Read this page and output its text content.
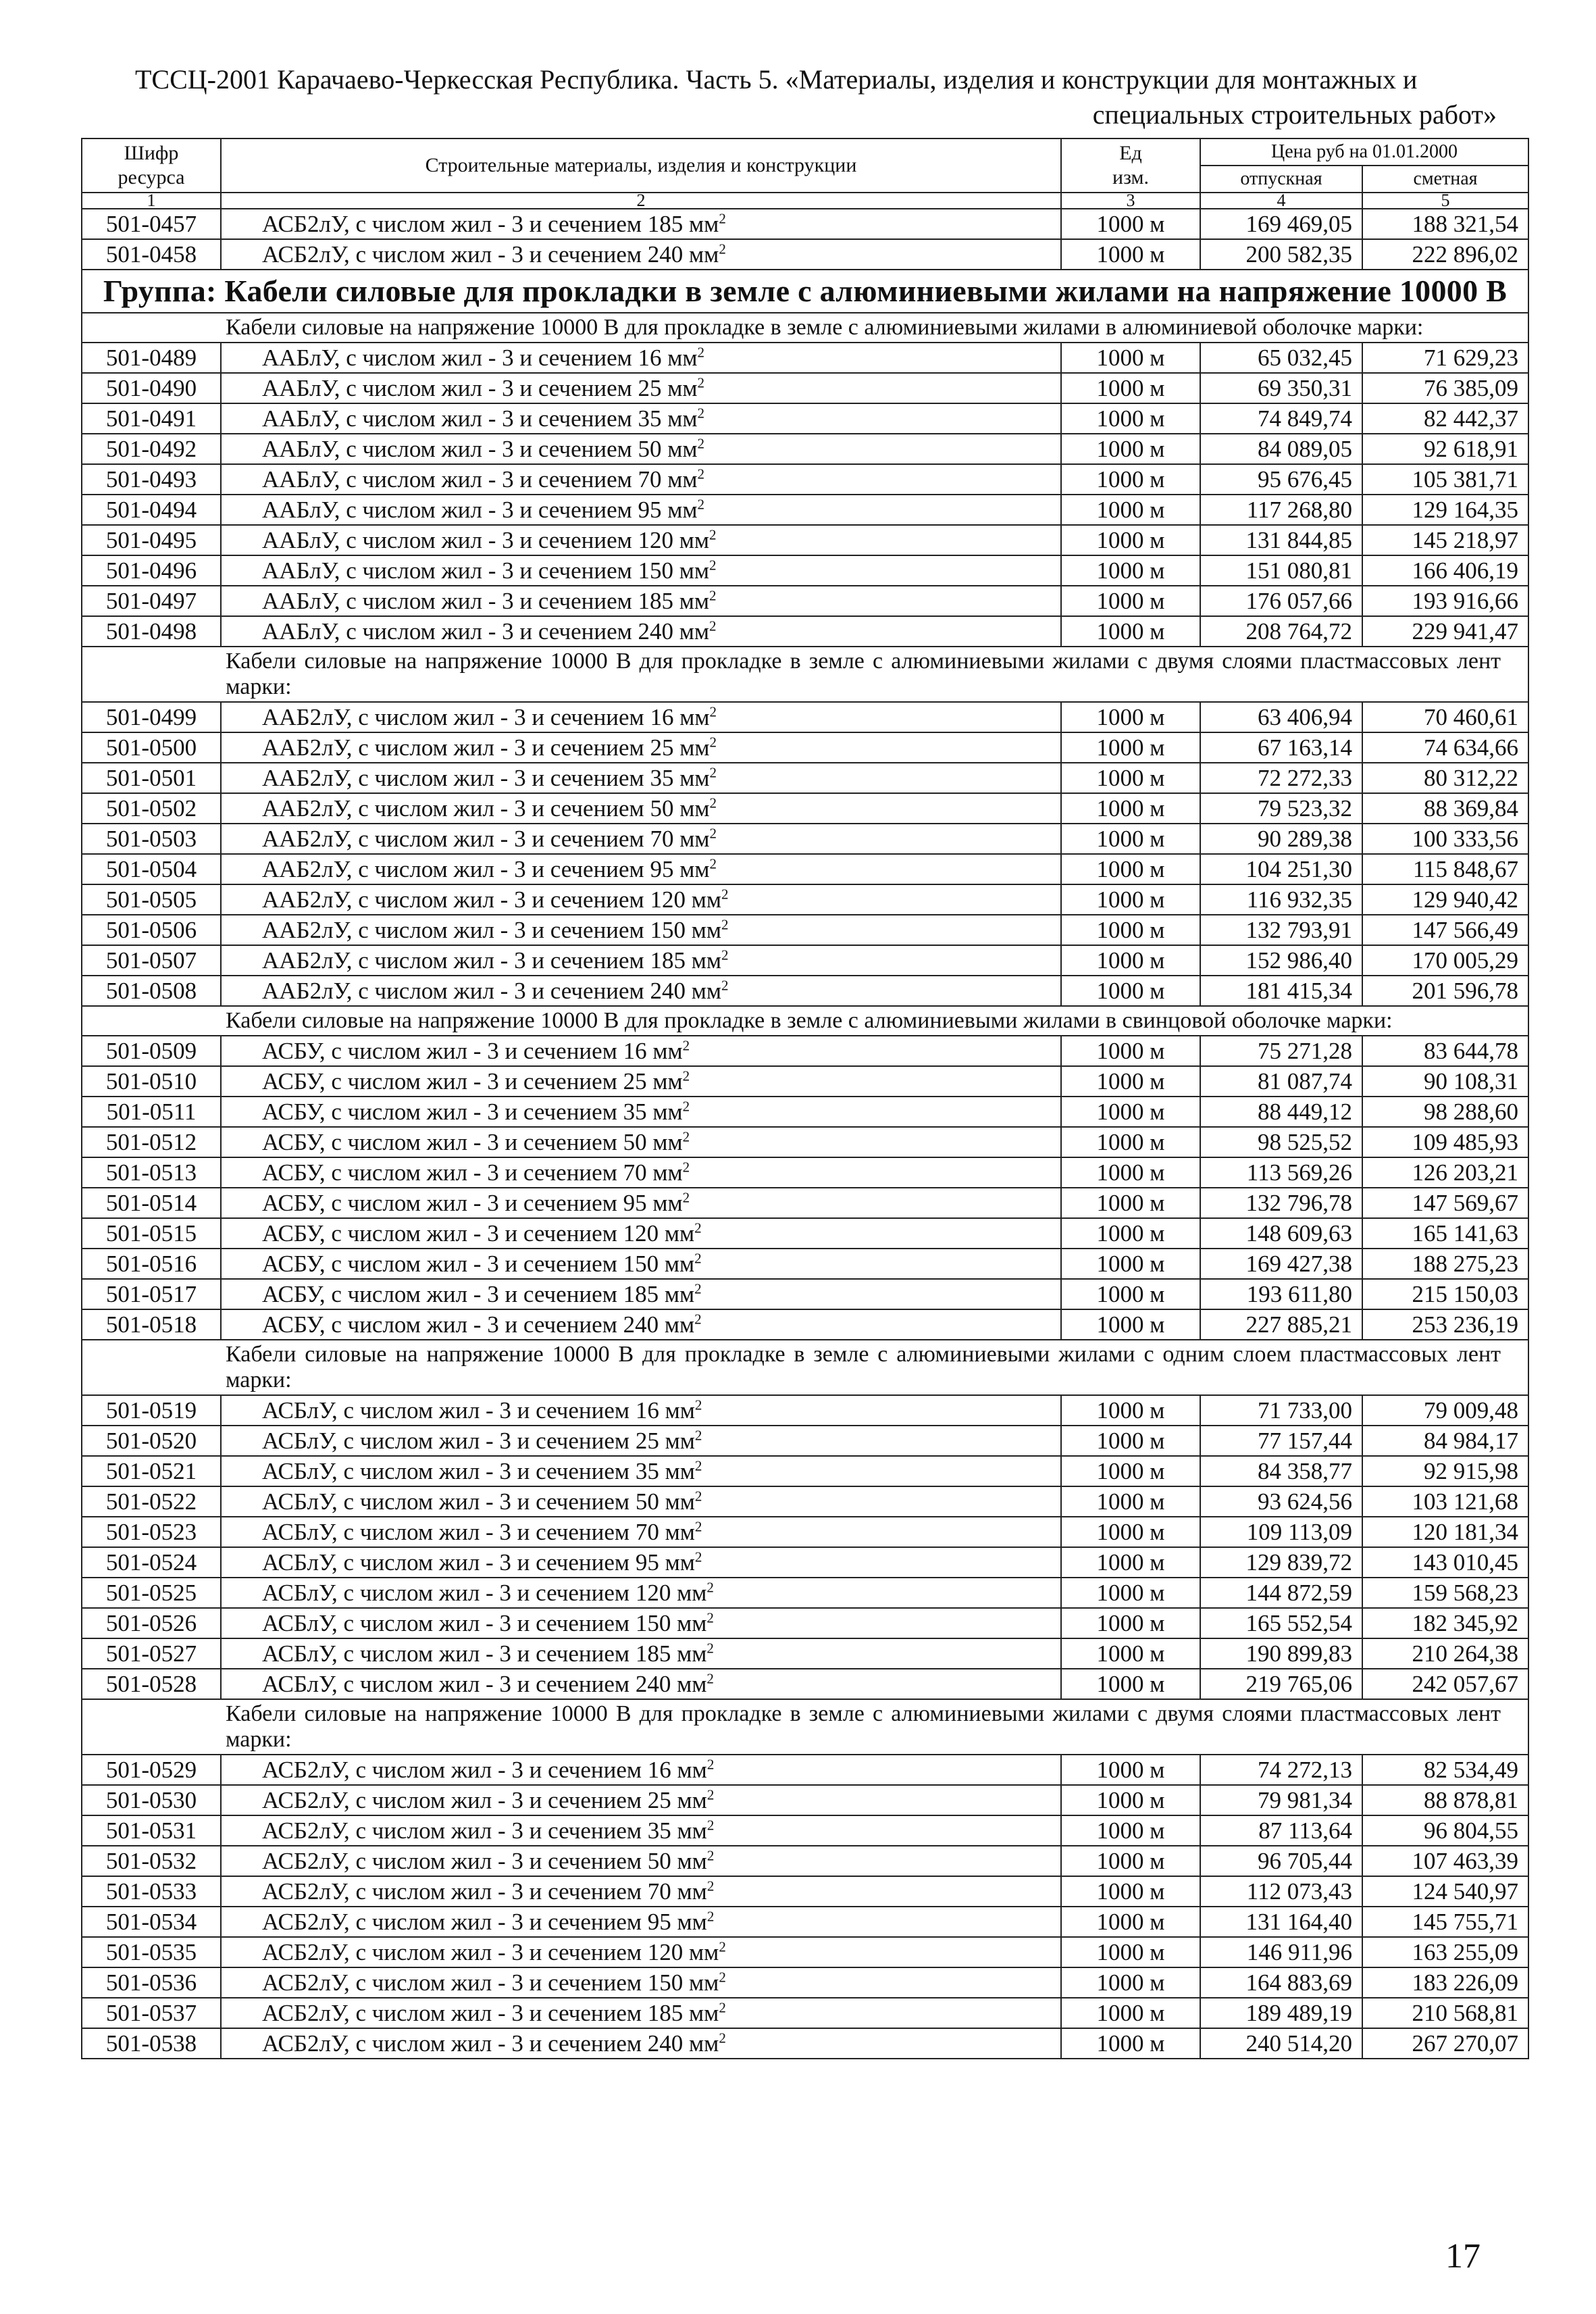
ТССЦ-2001 Карачаево-Черкесская Республика. Часть 5. «Материалы, изделия и конструкции для монтажных и
специальных строительных работ»
Шифр ресурса	Строительные материалы, изделия и конструкции	Ед изм.	Цена руб на 01.01.2000	
			отпускная	сметная
1	2	3	4	5
501-0457	АСБ2лУ, с числом жил - 3 и сечением 185 $мм^2$	1000 м	169 469,05	188 321,54
501-0458	АСБ2лУ, с числом жил - 3 и сечением 240 $мм^2$	1000 м	200 582,35	222 896,02
Группа: Кабели силовые для прокладки в земле с алюминиевыми жилами на напряжение 10000 В				
Кабели силовые на напряжение 10000 В для прокладке в земле с алюминиевыми жилами в алюминиевой оболочке марки:				
501-0489	ААБлУ, с числом жил - 3 и сечением 16 $мм^2$	1000 м	65 032,45	71 629,23
501-0490	ААБлУ, с числом жил - 3 и сечением 25 $мм^2$	1000 м	69 350,31	76 385,09
501-0491	ААБлУ, с числом жил - 3 и сечением 35 $мм^2$	1000 м	74 849,74	82 442,37
501-0492	ААБлУ, с числом жил - 3 и сечением 50 $мм^2$	1000 м	84 089,05	92 618,91
501-0493	ААБлУ, с числом жил - 3 и сечением 70 $мм^2$	1000 м	95 676,45	105 381,71
501-0494	ААБлУ, с числом жил - 3 и сечением 95 $мм^2$	1000 м	117 268,80	129 164,35
501-0495	ААБлУ, с числом жил - 3 и сечением 120 $мм^2$	1000 м	131 844,85	145 218,97
501-0496	ААБлУ, с числом жил - 3 и сечением 150 $мм^2$	1000 м	151 080,81	166 406,19
501-0497	ААБлУ, с числом жил - 3 и сечением 185 $мм^2$	1000 м	176 057,66	193 916,66
501-0498	ААБлУ, с числом жил - 3 и сечением 240 $мм^2$	1000 м	208 764,72	229 941,47
Кабели силовые на напряжение 10000 В для прокладке в земле с алюминиевыми жилами с двумя слоями пластмассовых лент марки:				
501-0499	ААБ2лУ, с числом жил - 3 и сечением 16 $мм^2$	1000 м	63 406,94	70 460,61
501-0500	ААБ2лУ, с числом жил - 3 и сечением 25 $мм^2$	1000 м	67 163,14	74 634,66
501-0501	ААБ2лУ, с числом жил - 3 и сечением 35 $мм^2$	1000 м	72 272,33	80 312,22
501-0502	ААБ2лУ, с числом жил - 3 и сечением 50 $мм^2$	1000 м	79 523,32	88 369,84
501-0503	ААБ2лУ, с числом жил - 3 и сечением 70 $мм^2$	1000 м	90 289,38	100 333,56
501-0504	ААБ2лУ, с числом жил - 3 и сечением 95 $мм^2$	1000 м	104 251,30	115 848,67
501-0505	ААБ2лУ, с числом жил - 3 и сечением 120 $мм^2$	1000 м	116 932,35	129 940,42
501-0506	ААБ2лУ, с числом жил - 3 и сечением 150 $мм^2$	1000 м	132 793,91	147 566,49
501-0507	ААБ2лУ, с числом жил - 3 и сечением 185 $мм^2$	1000 м	152 986,40	170 005,29
501-0508	ААБ2лУ, с числом жил - 3 и сечением 240 $мм^2$	1000 м	181 415,34	201 596,78
Кабели силовые на напряжение 10000 В для прокладке в земле с алюминиевыми жилами в свинцовой оболочке марки:				
501-0509	АСБУ, с числом жил - 3 и сечением 16 $мм^2$	1000 м	75 271,28	83 644,78
501-0510	АСБУ, с числом жил - 3 и сечением 25 $мм^2$	1000 м	81 087,74	90 108,31
501-0511	АСБУ, с числом жил - 3 и сечением 35 $мм^2$	1000 м	88 449,12	98 288,60
501-0512	АСБУ, с числом жил - 3 и сечением 50 $мм^2$	1000 м	98 525,52	109 485,93
501-0513	АСБУ, с числом жил - 3 и сечением 70 $мм^2$	1000 м	113 569,26	126 203,21
501-0514	АСБУ, с числом жил - 3 и сечением 95 $мм^2$	1000 м	132 796,78	147 569,67
501-0515	АСБУ, с числом жил - 3 и сечением 120 $мм^2$	1000 м	148 609,63	165 141,63
501-0516	АСБУ, с числом жил - 3 и сечением 150 $мм^2$	1000 м	169 427,38	188 275,23
501-0517	АСБУ, с числом жил - 3 и сечением 185 $мм^2$	1000 м	193 611,80	215 150,03
501-0518	АСБУ, с числом жил - 3 и сечением 240 $мм^2$	1000 м	227 885,21	253 236,19
Кабели силовые на напряжение 10000 В для прокладке в земле с алюминиевыми жилами с одним слоем пластмассовых лент марки:				
501-0519	АСБлУ, с числом жил - 3 и сечением 16 $мм^2$	1000 м	71 733,00	79 009,48
501-0520	АСБлУ, с числом жил - 3 и сечением 25 $мм^2$	1000 м	77 157,44	84 984,17
501-0521	АСБлУ, с числом жил - 3 и сечением 35 $мм^2$	1000 м	84 358,77	92 915,98
501-0522	АСБлУ, с числом жил - 3 и сечением 50 $мм^2$	1000 м	93 624,56	103 121,68
501-0523	АСБлУ, с числом жил - 3 и сечением 70 $мм^2$	1000 м	109 113,09	120 181,34
501-0524	АСБлУ, с числом жил - 3 и сечением 95 $мм^2$	1000 м	129 839,72	143 010,45
501-0525	АСБлУ, с числом жил - 3 и сечением 120 $мм^2$	1000 м	144 872,59	159 568,23
501-0526	АСБлУ, с числом жил - 3 и сечением 150 $мм^2$	1000 м	165 552,54	182 345,92
501-0527	АСБлУ, с числом жил - 3 и сечением 185 $мм^2$	1000 м	190 899,83	210 264,38
501-0528	АСБлУ, с числом жил - 3 и сечением 240 $мм^2$	1000 м	219 765,06	242 057,67
Кабели силовые на напряжение 10000 В для прокладке в земле с алюминиевыми жилами с двумя слоями пластмассовых лент марки:				
501-0529	АСБ2лУ, с числом жил - 3 и сечением 16 $мм^2$	1000 м	74 272,13	82 534,49
501-0530	АСБ2лУ, с числом жил - 3 и сечением 25 $мм^2$	1000 м	79 981,34	88 878,81
501-0531	АСБ2лУ, с числом жил - 3 и сечением 35 $мм^2$	1000 м	87 113,64	96 804,55
501-0532	АСБ2лУ, с числом жил - 3 и сечением 50 $мм^2$	1000 м	96 705,44	107 463,39
501-0533	АСБ2лУ, с числом жил - 3 и сечением 70 $мм^2$	1000 м	112 073,43	124 540,97
501-0534	АСБ2лУ, с числом жил - 3 и сечением 95 $мм^2$	1000 м	131 164,40	145 755,71
501-0535	АСБ2лУ, с числом жил - 3 и сечением 120 $мм^2$	1000 м	146 911,96	163 255,09
501-0536	АСБ2лУ, с числом жил - 3 и сечением 150 $мм^2$	1000 м	164 883,69	183 226,09
501-0537	АСБ2лУ, с числом жил - 3 и сечением 185 $мм^2$	1000 м	189 489,19	210 568,81
501-0538	АСБ2лУ, с числом жил - 3 и сечением 240 $мм^2$	1000 м	240 514,20	267 270,07
17
